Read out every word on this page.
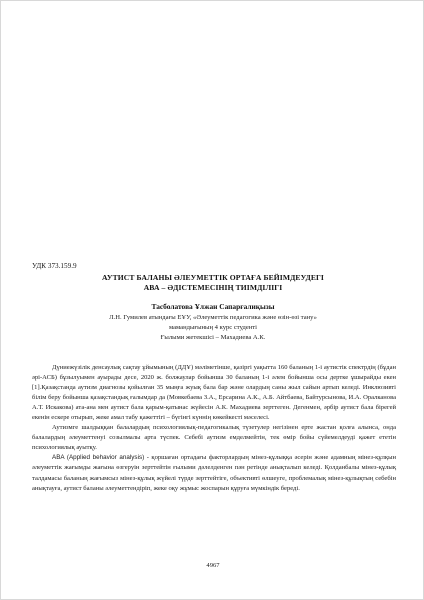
УДК 373.159.9
АУТИСТ БАЛАНЫ ӘЛЕУМЕТТІК ОРТАҒА БЕЙІМДЕУДЕГІ
АВА – ӘДІСТЕМЕСІНІҢ ТИІМДІЛІГІ
Таcболатова Ұлжан Сапарғалиқызы
Л.Н. Гумилев атындағы ЕҰУ, «Әлеуметтік педагогика және өзін-өзі тану»
мамандығының 4 курс студенті
Ғылыми жетекшісі – Махадиева А.К.

Дүниежүзілік денсаулық сақтау ұйымының (ДДҰ) мәліметінше, қазіргі уақытта 160 баланың 1-і аутистік спектрдің (бұдан әрі-АСБ) бұзылуымен ауырады десе, 2020 ж. болжаулар бойынша 30 баланың 1-і әлем бойынша осы дертке ұшырайды екен [1].Қазақстанда аутизм диагнозы қойылған 35 мыңға жуық бала бар және олардың саны жыл сайын артып келеді. Инклюзивті білім беру бойынша қазақстандық ғалымдар да (Мовкебаева З.А., Ерсарина А.К., А.Б. Айтбаева, Байтурсынова, И.А. Оралканова А.Т. Искакова) ата-ана мен аутист бала қарым-қатынас жүйесін А.К. Махадиева зерттеген. Дегенмен, әрбір аутист бала бірегей екенін ескере отырып, жеке амал табу қажеттігі – бүгінгі күннің көкейкесті мәселесі.

Аутизмге шалдыққан балалардың психологиялық-педагогикалық түзетулер негізінен ерте жастан қолға алынса, онда балалардың әлеуметтенуі созылмалы арта түспек. Себебі аутизм емделмейтін, тек өмір бойы сүйемелдеуді қажет ететін психологиялық ауытқу.

ABA (Applied behavior analysis) - қоршаған ортадағы факторлардың мінез-құлыққа әсерін және адамның мінез-құлқын әлеуметтік жағымды жағына өзгеруін зерттейтін ғылыми дәлелденген пән ретінде анықталып келеді. Қолданбалы мінез-құлық талдамасы баланың жағымсыз мінез-құлық жүйелі түрде зерттейтіге, объективті өлшеуге, проблемалық мінез-құлықтың себебін анықтауға, аутист баланы әлеуметтендіріп, жеке оқу жұмыс жоспарын құруға мүмкіндік береді.

4967
